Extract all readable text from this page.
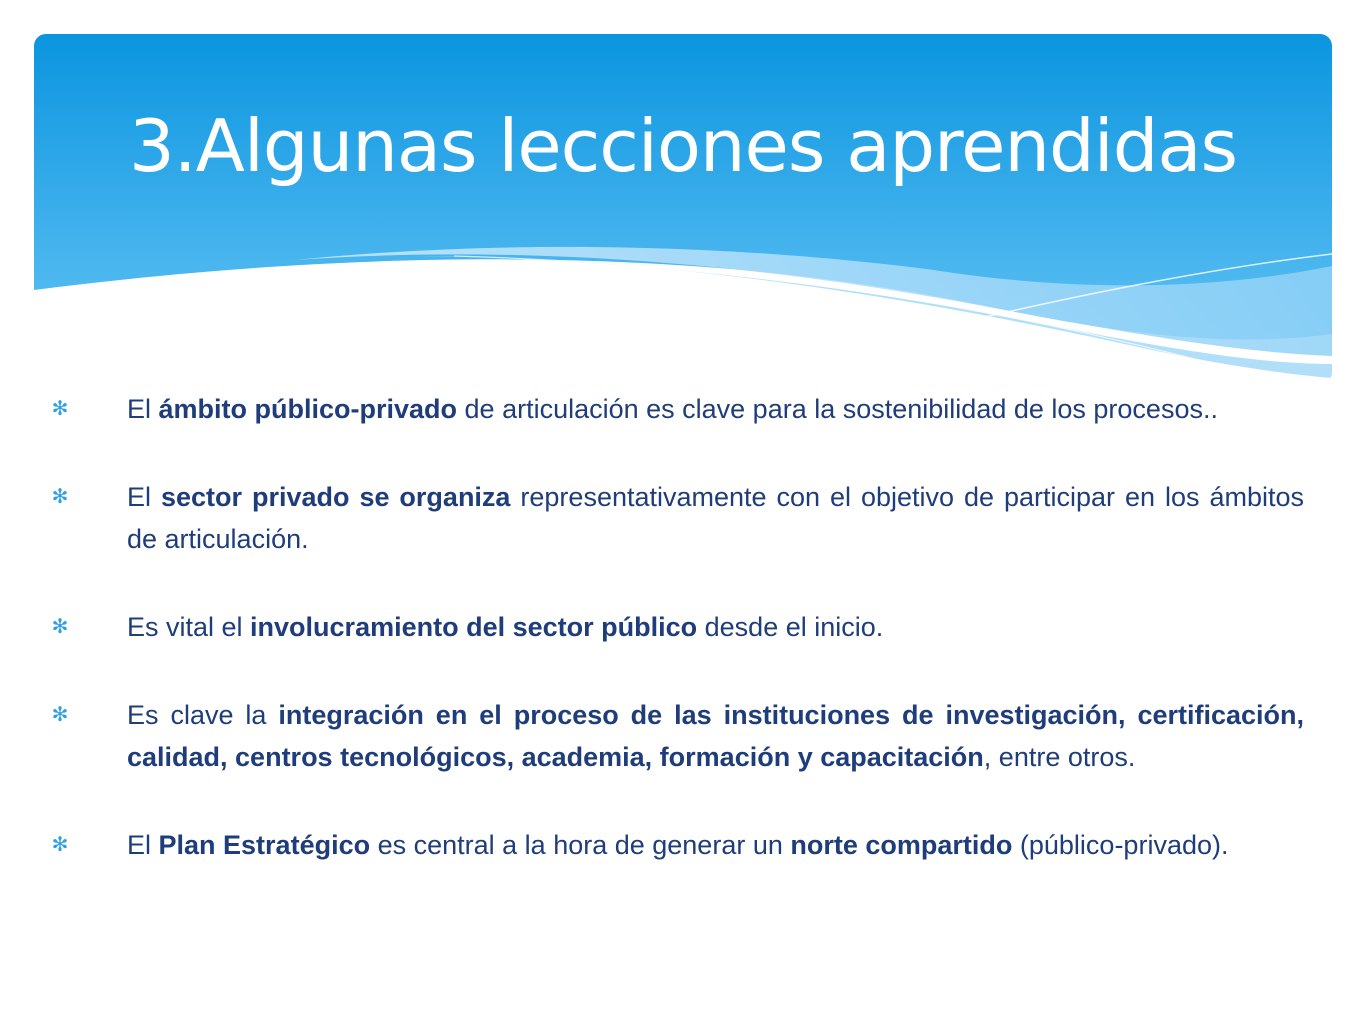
3.Algunas lecciones aprendidas
✻ El ámbito público-privado de articulación es clave para la sostenibilidad de los procesos..
✻ El sector privado se organiza representativamente con el objetivo de participar en los ámbitos de articulación.
✻ Es vital el involucramiento del sector público desde el inicio.
✻ Es clave la integración en el proceso de las instituciones de investigación, certificación, calidad, centros tecnológicos, academia, formación y capacitación, entre otros.
✻ El Plan Estratégico es central a la hora de generar un norte compartido (público-privado).
